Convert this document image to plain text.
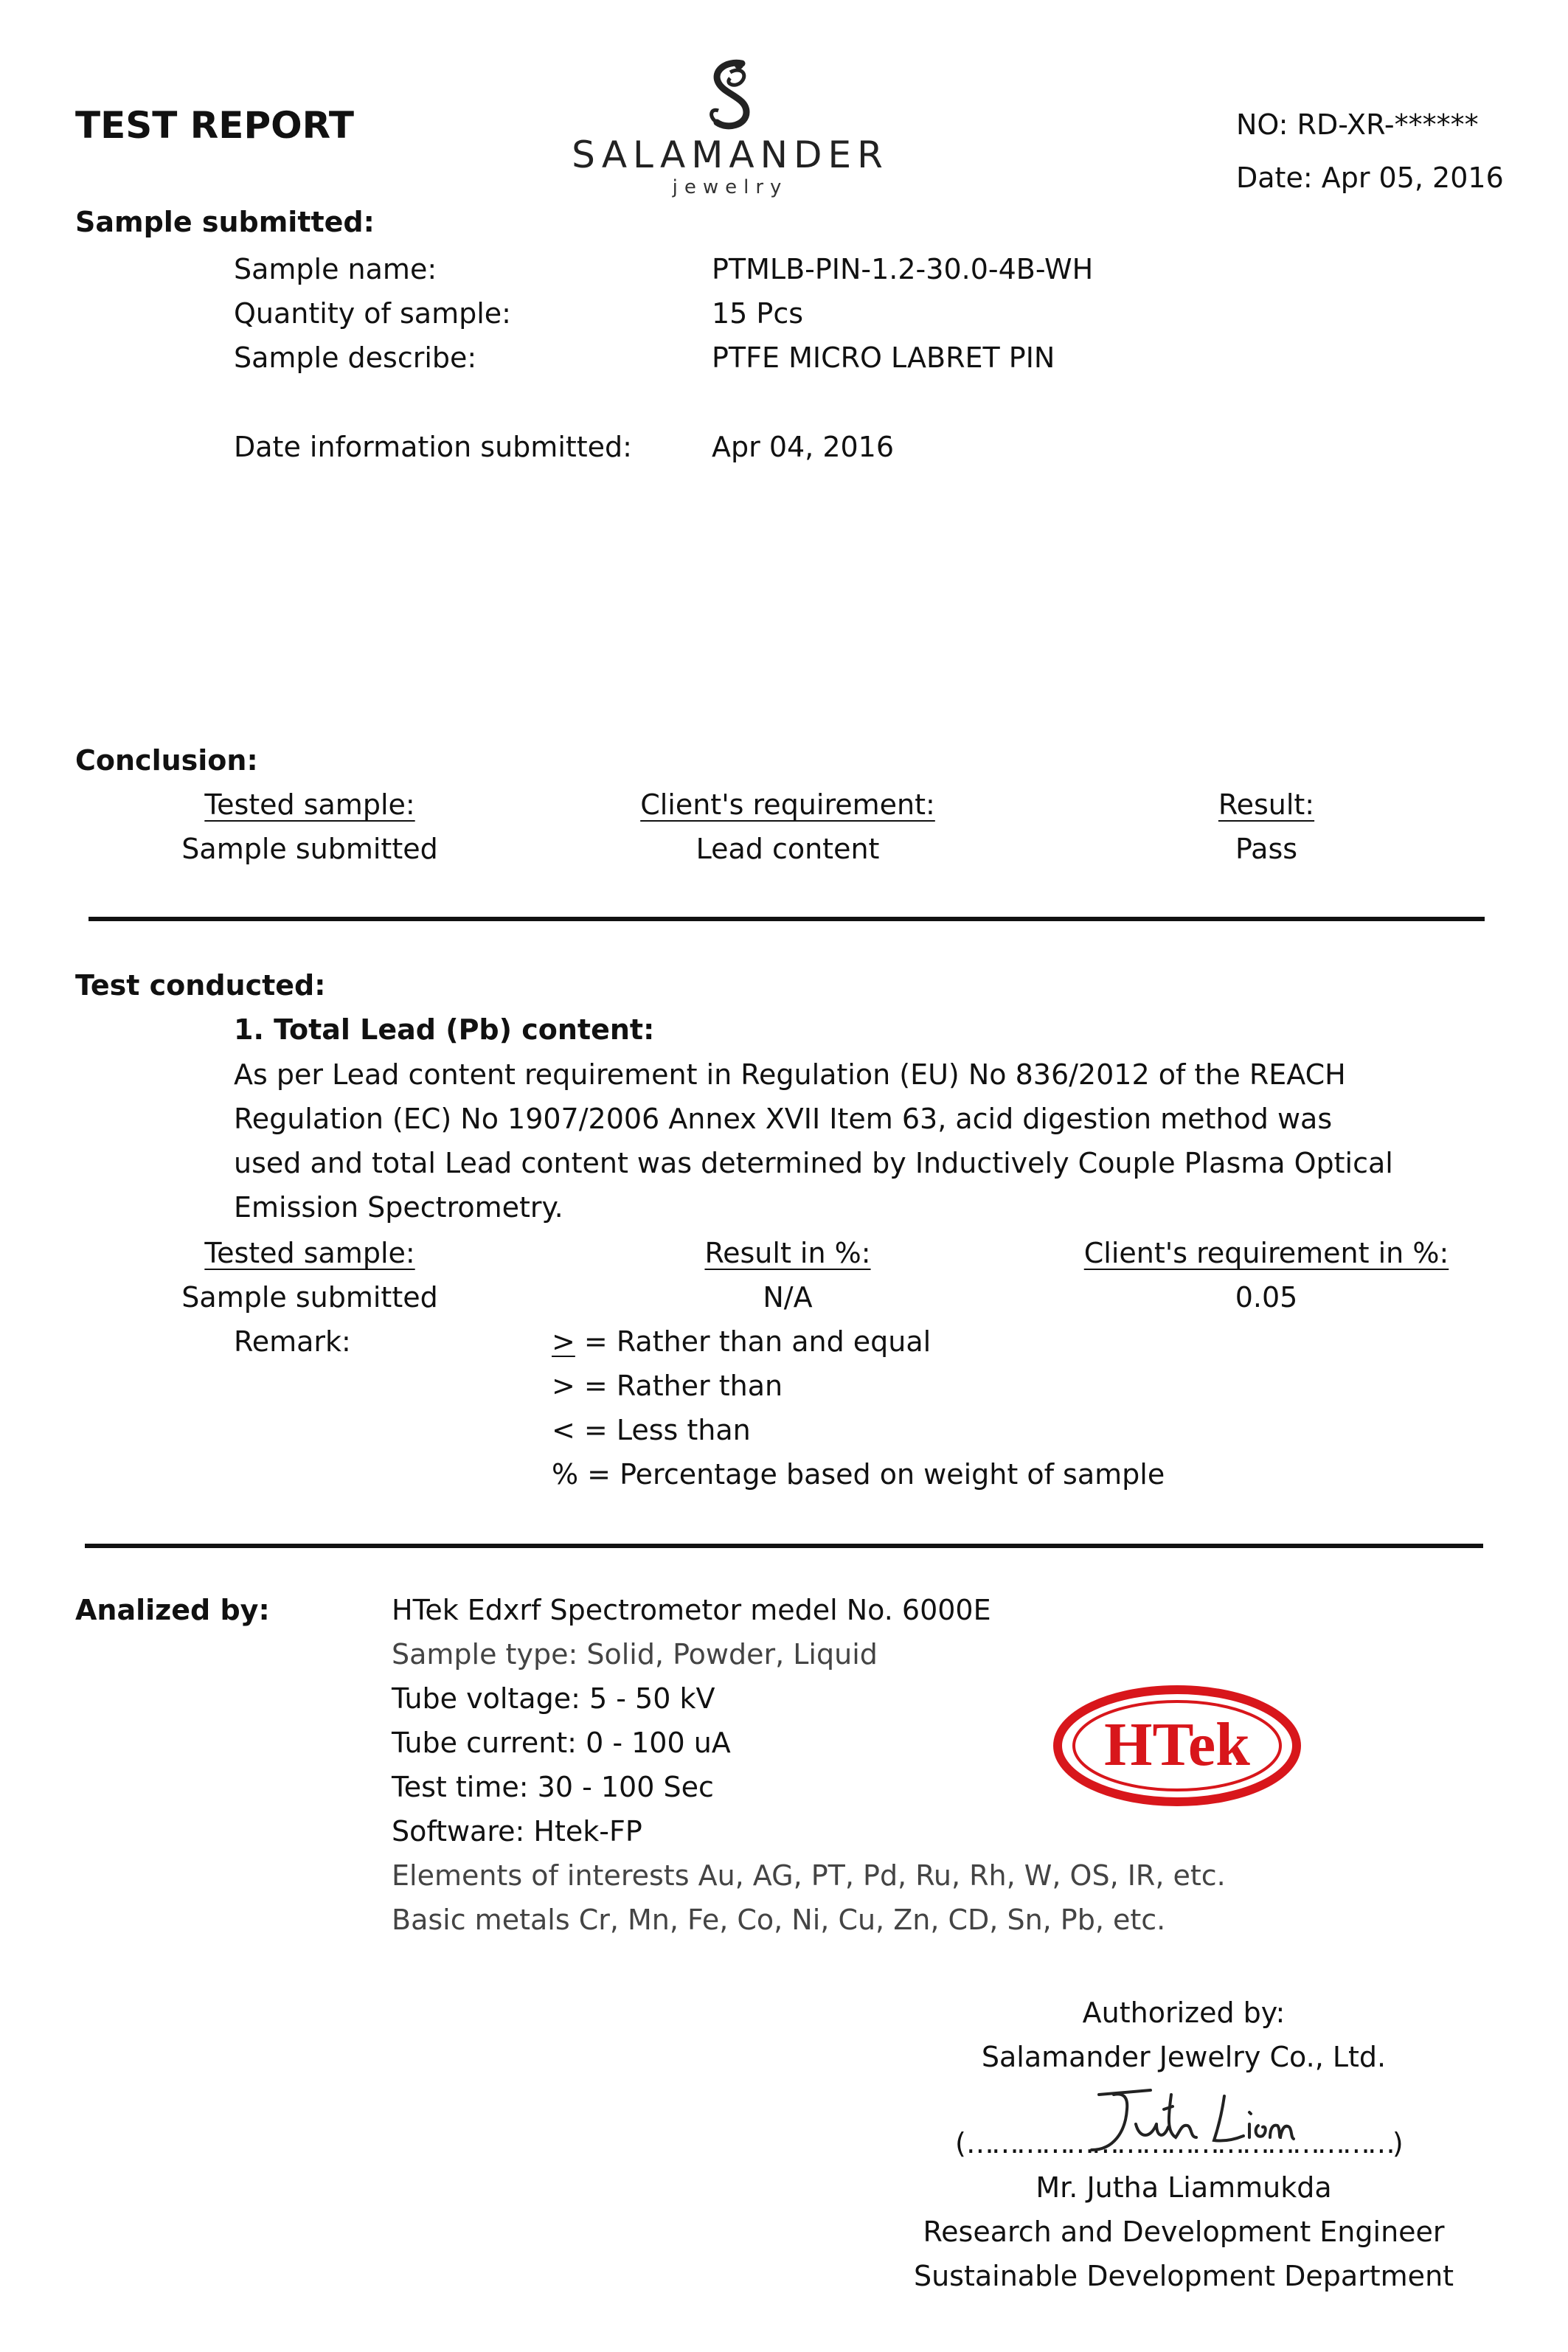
TEST REPORT
SALAMANDER
jewelry
NO: RD-XR-******
Date: Apr 05, 2016
Sample submitted:
Sample name:	PTMLB-PIN-1.2-30.0-4B-WH
Quantity of sample:	15 Pcs
Sample describe:	PTFE MICRO LABRET PIN
Date information submitted:	Apr 04, 2016
Conclusion:
Tested sample:	Client's requirement:	Result:
Sample submitted	Lead content	Pass
Test conducted:
1. Total Lead (Pb) content:
As per Lead content requirement in Regulation (EU) No 836/2012 of the REACH
Regulation (EC) No 1907/2006 Annex XVII Item 63, acid digestion method was
used and total Lead content was determined by Inductively Couple Plasma Optical
Emission Spectrometry.
Tested sample:	Result in %:	Client's requirement in %:
Sample submitted	N/A	0.05
Remark:	> = Rather than and equal
> = Rather than
< = Less than
% = Percentage based on weight of sample
Analized by:	HTek Edxrf Spectrometor medel No. 6000E
Sample type: Solid, Powder, Liquid
Tube voltage: 5 - 50 kV
Tube current: 0 - 100 uA
Test time: 30 - 100 Sec
Software: Htek-FP
Elements of interests Au, AG, PT, Pd, Ru, Rh, W, OS, IR, etc.
Basic metals Cr, Mn, Fe, Co, Ni, Cu, Zn, CD, Sn, Pb, etc.
HTek
Authorized by:
Salamander Jewelry Co., Ltd.
(……………………………………………)
Mr. Jutha Liammukda
Research and Development Engineer
Sustainable Development Department
